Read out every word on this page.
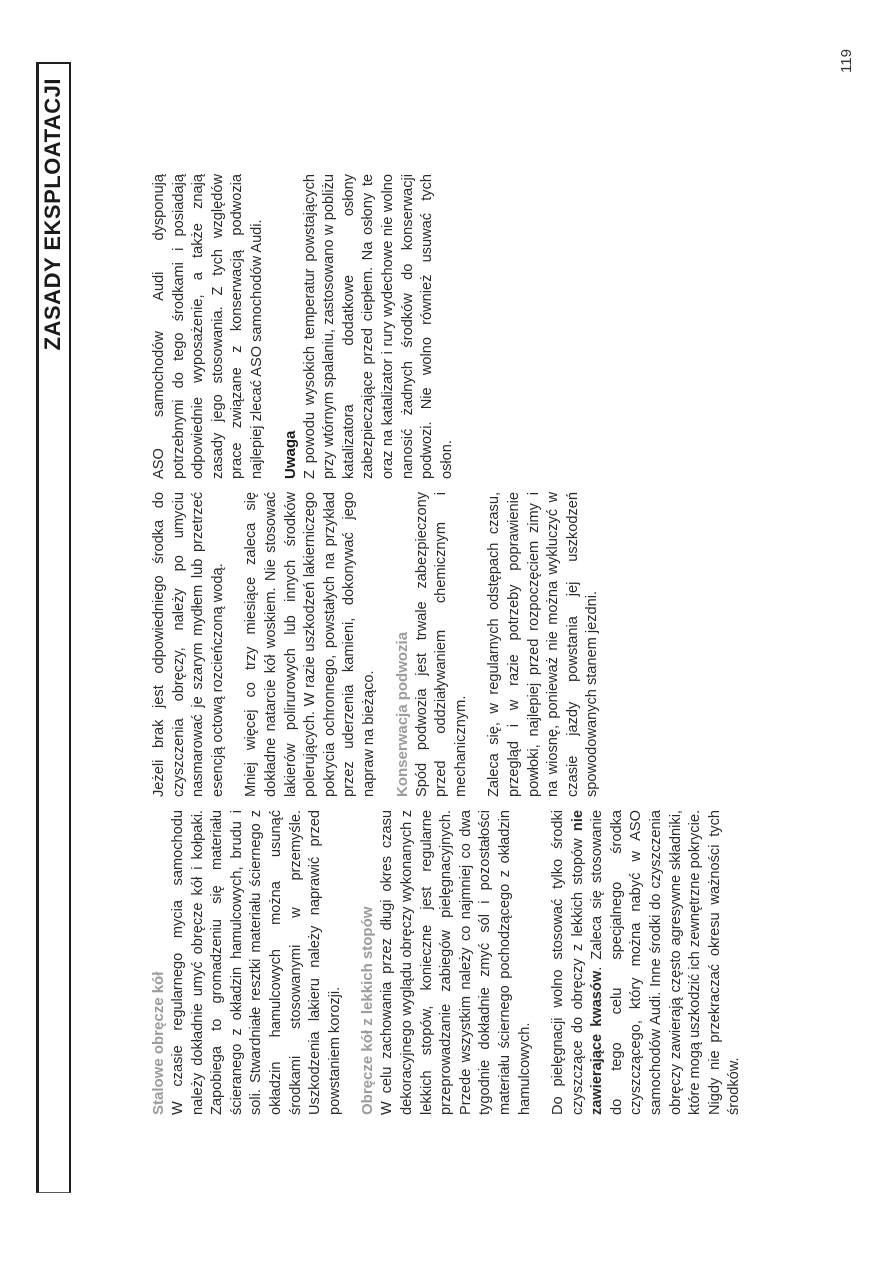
ZASADY EKSPLOATACJI
Stalowe obręcze kół W czasie regularnego mycia samochodu należy dokładnie umyć obręcze kół i kołpaki. Zapobiega to gromadzeniu się materiału ścieranego z okładzin hamulcowych, brudu i soli. Stwardniałe resztki materiału ściernego z okładzin hamulcowych można usunąć środkami stosowanymi w przemyśle. Uszkodzenia lakieru należy naprawić przed powstaniem korozji. Obręcze kół z lekkich stopów W celu zachowania przez długi okres czasu dekoracyjnego wyglądu obręczy wykonanych z lekkich stopów, konieczne jest regularne przeprowadzanie zabiegów pielęgnacyjnych. Przede wszystkim należy co najmniej co dwa tygodnie dokładnie zmyć sól i pozostałości materiału ściernego pochodzącego z okładzin hamulcowych. Do pielęgnacji wolno stosować tylko środki czyszczące do obręczy z lekkich stopów nie zawierające kwasów. Zaleca się stosowanie do tego celu specjalnego środka czyszczącego, który można nabyć w ASO samochodów Audi. Inne środki do czyszczenia obręczy zawierają często agresywne składniki, które mogą uszkodzić ich zewnętrzne pokrycie. Nigdy nie przekraczać okresu ważności tych środków.

Jeżeli brak jest odpowiedniego środka do czyszczenia obręczy, należy po umyciu nasmarować je szarym mydłem lub przetrzeć esencją octową rozcieńczoną wodą. Mniej więcej co trzy miesiące zaleca się dokładne natarcie kół woskiem. Nie stosować lakierów polirurowych lub innych środków polerujących. W razie uszkodzeń lakierniczego pokrycia ochronnego, powstałych na przykład przez uderzenia kamieni, dokonywać jego napraw na bieżąco. Konserwacja podwozia Spód podwozia jest trwale zabezpieczony przed oddziaływaniem chemicznym i mechanicznym. Zaleca się, w regularnych odstępach czasu, przegląd i w razie potrzeby poprawienie powłoki, najlepiej przed rozpoczęciem zimy i na wiosnę, ponieważ nie można wykluczyć w czasie jazdy powstania jej uszkodzeń spowodowanych stanem jezdni.

ASO samochodów Audi dysponują potrzebnymi do tego środkami i posiadają odpowiednie wyposażenie, a także znają zasady jego stosowania. Z tych względów prace związane z konserwacją podwozia najlepiej zlecać ASO samochodów Audi. Uwaga Z powodu wysokich temperatur powstających przy wtórnym spalaniu, zastosowano w pobliżu katalizatora dodatkowe osłony zabezpieczające przed ciepłem. Na osłony te oraz na katalizator i rury wydechowe nie wolno nanosić żadnych środków do konserwacji podwozi. Nie wolno również usuwać tych osłon.

119
